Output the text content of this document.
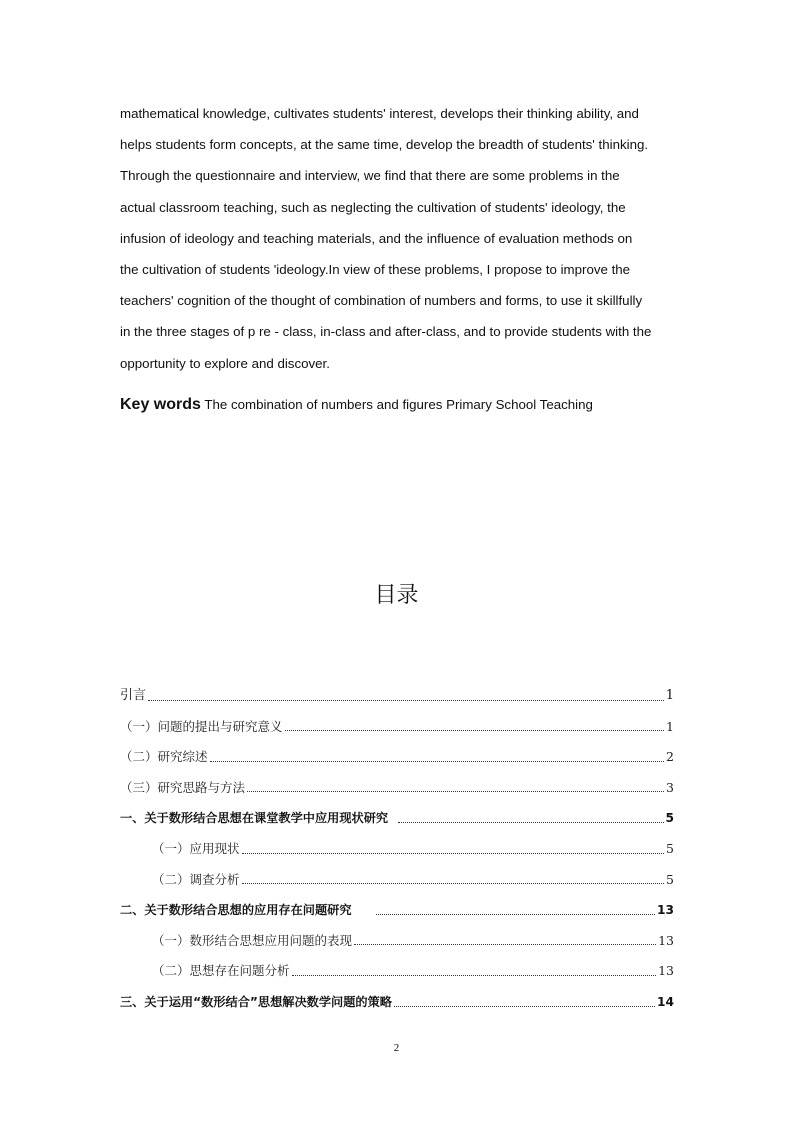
mathematical knowledge, cultivates students' interest, develops their thinking ability, and
helps students form concepts, at the same time, develop the breadth of students' thinking.
Through the questionnaire and interview, we find that there are some problems in the
actual classroom teaching, such as neglecting the cultivation of students' ideology, the
infusion of ideology and teaching materials, and the influence of evaluation methods on
the cultivation of students 'ideology.In view of these problems, I propose to improve the
teachers' cognition of the thought of combination of numbers and forms, to use it skillfully
in the three stages of p re - class, in-class and after-class, and to provide students with the
opportunity to explore and discover.
Key words The combination of numbers and figures Primary School Teaching
目录
引言	1
（一）问题的提出与研究意义	1
（二）研究综述	2
（三）研究思路与方法	3
一、关于数形结合思想在课堂教学中应用现状研究	5
（一）应用现状	5
（二）调查分析	5
二、关于数形结合思想的应用存在问题研究	13
（一）数形结合思想应用问题的表现	13
（二）思想存在问题分析	13
三、关于运用“数形结合”思想解决数学问题的策略	14
2
